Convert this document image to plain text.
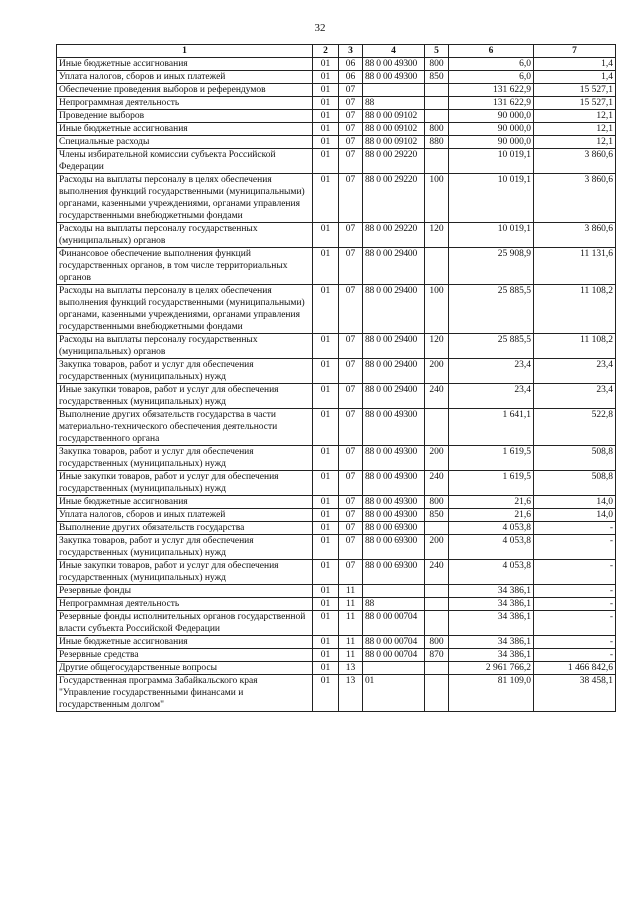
32
1	2	3	4	5	6	7
Иные бюджетные ассигнования	01	06	88 0 00 49300	800	6,0	1,4
Уплата налогов, сборов и иных платежей	01	06	88 0 00 49300	850	6,0	1,4
Обеспечение проведения выборов и референдумов	01	07			131 622,9	15 527,1
Непрограммная деятельность	01	07	88		131 622,9	15 527,1
Проведение выборов	01	07	88 0 00 09102		90 000,0	12,1
Иные бюджетные ассигнования	01	07	88 0 00 09102	800	90 000,0	12,1
Специальные расходы	01	07	88 0 00 09102	880	90 000,0	12,1
Члены избирательной комиссии субъекта Российской Федерации	01	07	88 0 00 29220		10 019,1	3 860,6
Расходы на выплаты персоналу в целях обеспечения выполнения функций государственными (муниципальными) органами, казенными учреждениями, органами управления государственными внебюджетными фондами	01	07	88 0 00 29220	100	10 019,1	3 860,6
Расходы на выплаты персоналу государственных (муниципальных) органов	01	07	88 0 00 29220	120	10 019,1	3 860,6
Финансовое обеспечение выполнения функций государственных органов, в том числе территориальных органов	01	07	88 0 00 29400		25 908,9	11 131,6
Расходы на выплаты персоналу в целях обеспечения выполнения функций государственными (муниципальными) органами, казенными учреждениями, органами управления государственными внебюджетными фондами	01	07	88 0 00 29400	100	25 885,5	11 108,2
Расходы на выплаты персоналу государственных (муниципальных) органов	01	07	88 0 00 29400	120	25 885,5	11 108,2
Закупка товаров, работ и услуг для обеспечения государственных (муниципальных) нужд	01	07	88 0 00 29400	200	23,4	23,4
Иные закупки товаров, работ и услуг для обеспечения государственных (муниципальных) нужд	01	07	88 0 00 29400	240	23,4	23,4
Выполнение других обязательств государства в части материально-технического обеспечения деятельности государственного органа	01	07	88 0 00 49300		1 641,1	522,8
Закупка товаров, работ и услуг для обеспечения государственных (муниципальных) нужд	01	07	88 0 00 49300	200	1 619,5	508,8
Иные закупки товаров, работ и услуг для обеспечения государственных (муниципальных) нужд	01	07	88 0 00 49300	240	1 619,5	508,8
Иные бюджетные ассигнования	01	07	88 0 00 49300	800	21,6	14,0
Уплата налогов, сборов и иных платежей	01	07	88 0 00 49300	850	21,6	14,0
Выполнение других обязательств государства	01	07	88 0 00 69300		4 053,8	-
Закупка товаров, работ и услуг для обеспечения государственных (муниципальных) нужд	01	07	88 0 00 69300	200	4 053,8	-
Иные закупки товаров, работ и услуг для обеспечения государственных (муниципальных) нужд	01	07	88 0 00 69300	240	4 053,8	-
Резервные фонды	01	11			34 386,1	-
Непрограммная деятельность	01	11	88		34 386,1	-
Резервные фонды исполнительных органов государственной власти субъекта Российской Федерации	01	11	88 0 00 00704		34 386,1	-
Иные бюджетные ассигнования	01	11	88 0 00 00704	800	34 386,1	-
Резервные средства	01	11	88 0 00 00704	870	34 386,1	-
Другие общегосударственные вопросы	01	13			2 961 766,2	1 466 842,6
Государственная программа Забайкальского края "Управление государственными финансами и государственным долгом"	01	13	01		81 109,0	38 458,1
